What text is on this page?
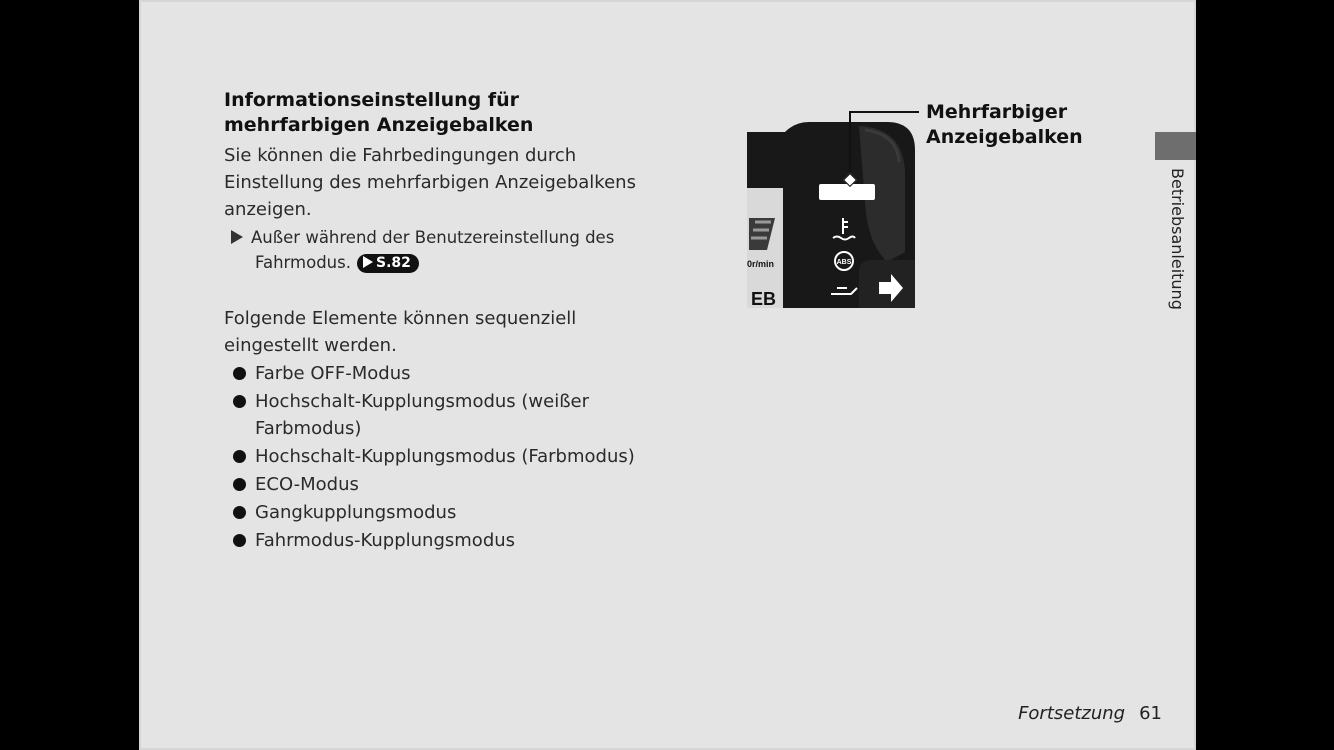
Informationseinstellung für mehrfarbigen Anzeigebalken
Sie können die Fahrbedingungen durch Einstellung des mehrfarbigen Anzeigebalkens anzeigen.
Außer während der Benutzereinstellung des
Fahrmodus. S.82
Folgende Elemente können sequenziell eingestellt werden.
Farbe OFF-Modus
Hochschalt-Kupplungsmodus (weißer Farbmodus)
Hochschalt-Kupplungsmodus (Farbmodus)
ECO-Modus
Gangkupplungsmodus
Fahrmodus-Kupplungsmodus
0r/min
EB
ABS
Mehrfarbiger
Anzeigebalken
Betriebsanleitung
Fortsetzung 61
